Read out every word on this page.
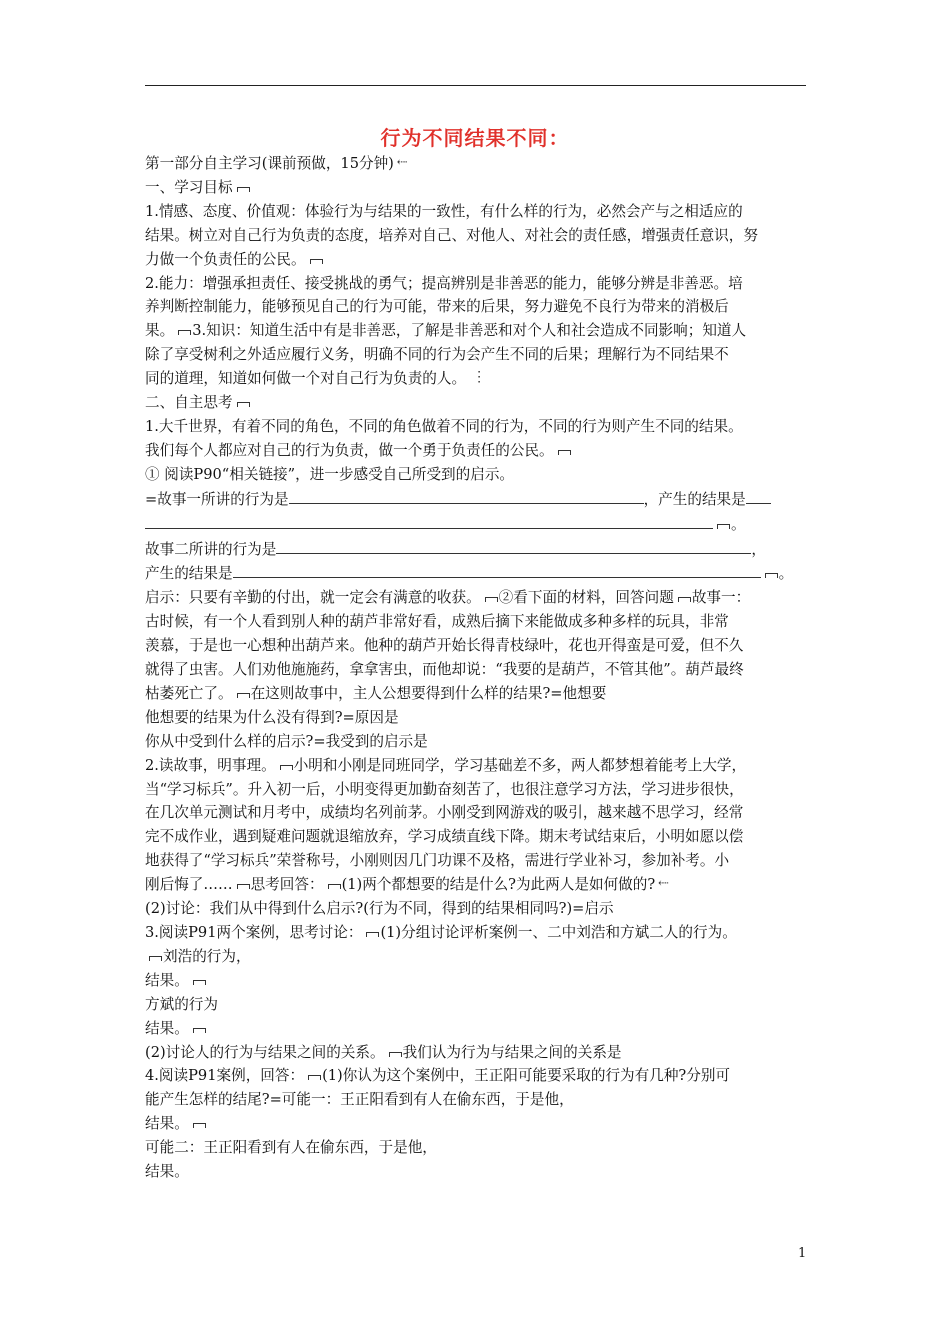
行为不同结果不同：

第一部分自主学习(课前预做，15分钟)⇠

一、学习目标

1.情感、态度、价值观：体验行为与结果的一致性，有什么样的行为，必然会产与之相适应的

结果。树立对自己行为负责的态度，培养对自己、对他人、对社会的责任感，增强责任意识，努

力做一个负责任的公民。

2.能力：增强承担责任、接受挑战的勇气；提高辨别是非善恶的能力，能够分辨是非善恶。培

养判断控制能力，能够预见自己的行为可能，带来的后果，努力避免不良行为带来的消极后

果。 3.知识：知道生活中有是非善恶，了解是非善恶和对个人和社会造成不同影响；知道人

除了享受树利之外适应履行义务，明确不同的行为会产生不同的后果；理解行为不同结果不

同的道理，知道如何做一个对自己行为负责的人。⋮

二、自主思考

1.大千世界，有着不同的角色，不同的角色做着不同的行为，不同的行为则产生不同的结果。

我们每个人都应对自己的行为负责，做一个勇于负责任的公民。

① 阅读P90“相关链接”，进一步感受自己所受到的启示。

=故事一所讲的行为是	，产生的结果是

。

故事二所讲的行为是	，

产生的结果是	。

启示：只要有辛勤的付出，就一定会有满意的收获。 ②看下面的材料，回答问题 故事一：

古时候，有一个人看到别人种的葫芦非常好看，成熟后摘下来能做成多种多样的玩具，非常

羡慕，于是也一心想种出葫芦来。他种的葫芦开始长得青枝绿叶，花也开得蛮是可爱，但不久

就得了虫害。人们劝他施施药，拿拿害虫，而他却说：“我要的是葫芦，不管其他”。葫芦最终

枯萎死亡了。 在这则故事中，主人公想要得到什么样的结果?=他想要

他想要的结果为什么没有得到?=原因是

你从中受到什么样的启示?=我受到的启示是

2.读故事，明事理。 小明和小刚是同班同学，学习基础差不多，两人都梦想着能考上大学，

当“学习标兵”。升入初一后，小明变得更加勤奋刻苦了，也很注意学习方法，学习进步很快，

在几次单元测试和月考中，成绩均名列前茅。小刚受到网游戏的吸引，越来越不思学习，经常

完不成作业，遇到疑难问题就退缩放弃，学习成绩直线下降。期末考试结束后，小明如愿以偿

地获得了“学习标兵”荣誉称号，小刚则因几门功课不及格，需进行学业补习，参加补考。小

刚后悔了…… 思考回答： (1)两个都想要的结是什么?为此两人是如何做的?⇠

(2)讨论：我们从中得到什么启示?(行为不同，得到的结果相同吗?)=启示

3.阅读P91两个案例，思考讨论： (1)分组讨论评析案例一、二中刘浩和方斌二人的行为。

刘浩的行为，

结果。

方斌的行为

结果。

(2)讨论人的行为与结果之间的关系。 我们认为行为与结果之间的关系是

4.阅读P91案例，回答： (1)你认为这个案例中，王正阳可能要采取的行为有几种?分别可

能产生怎样的结尾?=可能一：王正阳看到有人在偷东西，于是他，

结果。

可能二：王正阳看到有人在偷东西，于是他，

结果。

1
